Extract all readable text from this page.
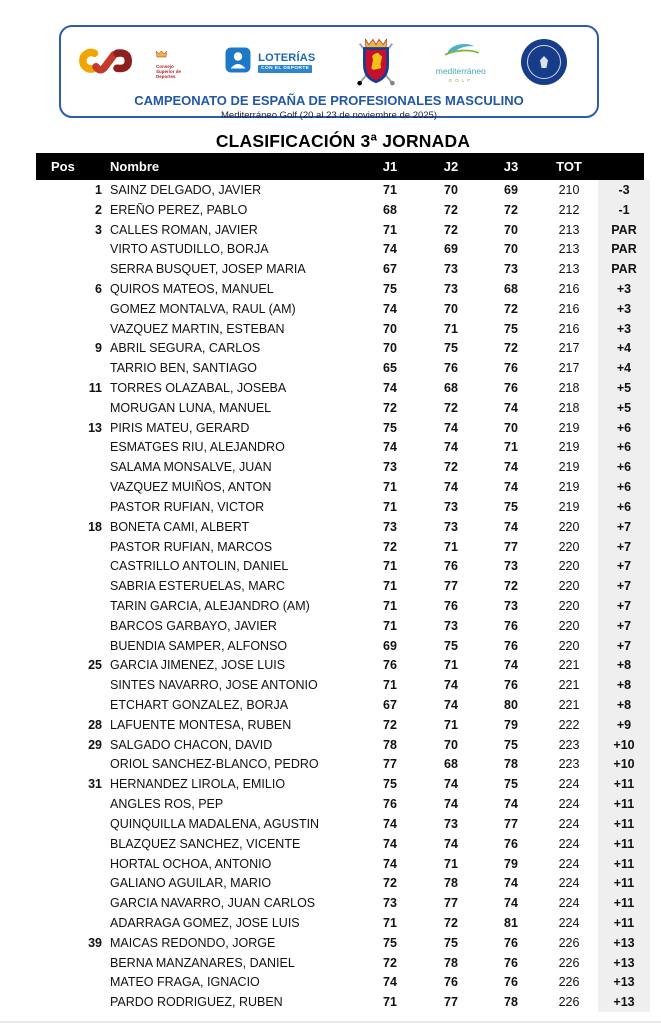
Consejo Superior de Deportes
LOTERÍAS
CON EL DEPORTE	mediterráneo
GOLF
CAMPEONATO DE ESPAÑA DE PROFESIONALES MASCULINO
Mediterráneo Golf (20 al 23 de noviembre de 2025)
CLASIFICACIÓN 3ª JORNADA
Pos	Nombre	J1	J2	J3	TOT
1 SAINZ DELGADO, JAVIER	71	70	69	210	-3
2 EREÑO PEREZ, PABLO	68	72	72	212	-1
3 CALLES ROMAN, JAVIER	71	72	70	213	PAR
VIRTO ASTUDILLO, BORJA	74	69	70	213	PAR
SERRA BUSQUET, JOSEP MARIA	67	73	73	213	PAR
6 QUIROS MATEOS, MANUEL	75	73	68	216	+3
GOMEZ MONTALVA, RAUL (AM)	74	70	72	216	+3
VAZQUEZ MARTIN, ESTEBAN	70	71	75	216	+3
9 ABRIL SEGURA, CARLOS	70	75	72	217	+4
TARRIO BEN, SANTIAGO	65	76	76	217	+4
11 TORRES OLAZABAL, JOSEBA	74	68	76	218	+5
MORUGAN LUNA, MANUEL	72	72	74	218	+5
13 PIRIS MATEU, GERARD	75	74	70	219	+6
ESMATGES RIU, ALEJANDRO	74	74	71	219	+6
SALAMA MONSALVE, JUAN	73	72	74	219	+6
VAZQUEZ MUIÑOS, ANTON	71	74	74	219	+6
PASTOR RUFIAN, VICTOR	71	73	75	219	+6
18 BONETA CAMI, ALBERT	73	73	74	220	+7
PASTOR RUFIAN, MARCOS	72	71	77	220	+7
CASTRILLO ANTOLIN, DANIEL	71	76	73	220	+7
SABRIA ESTERUELAS, MARC	71	77	72	220	+7
TARIN GARCIA, ALEJANDRO (AM)	71	76	73	220	+7
BARCOS GARBAYO, JAVIER	71	73	76	220	+7
BUENDIA SAMPER, ALFONSO	69	75	76	220	+7
25 GARCIA JIMENEZ, JOSE LUIS	76	71	74	221	+8
SINTES NAVARRO, JOSE ANTONIO	71	74	76	221	+8
ETCHART GONZALEZ, BORJA	67	74	80	221	+8
28 LAFUENTE MONTESA, RUBEN	72	71	79	222	+9
29 SALGADO CHACON, DAVID	78	70	75	223	+10
ORIOL SANCHEZ-BLANCO, PEDRO	77	68	78	223	+10
31 HERNANDEZ LIROLA, EMILIO	75	74	75	224	+11
ANGLES ROS, PEP	76	74	74	224	+11
QUINQUILLA MADALENA, AGUSTIN	74	73	77	224	+11
BLAZQUEZ SANCHEZ, VICENTE	74	74	76	224	+11
HORTAL OCHOA, ANTONIO	74	71	79	224	+11
GALIANO AGUILAR, MARIO	72	78	74	224	+11
GARCIA NAVARRO, JUAN CARLOS	73	77	74	224	+11
ADARRAGA GOMEZ, JOSE LUIS	71	72	81	224	+11
39 MAICAS REDONDO, JORGE	75	75	76	226	+13
BERNA MANZANARES, DANIEL	72	78	76	226	+13
MATEO FRAGA, IGNACIO	74	76	76	226	+13
PARDO RODRIGUEZ, RUBEN	71	77	78	226	+13
